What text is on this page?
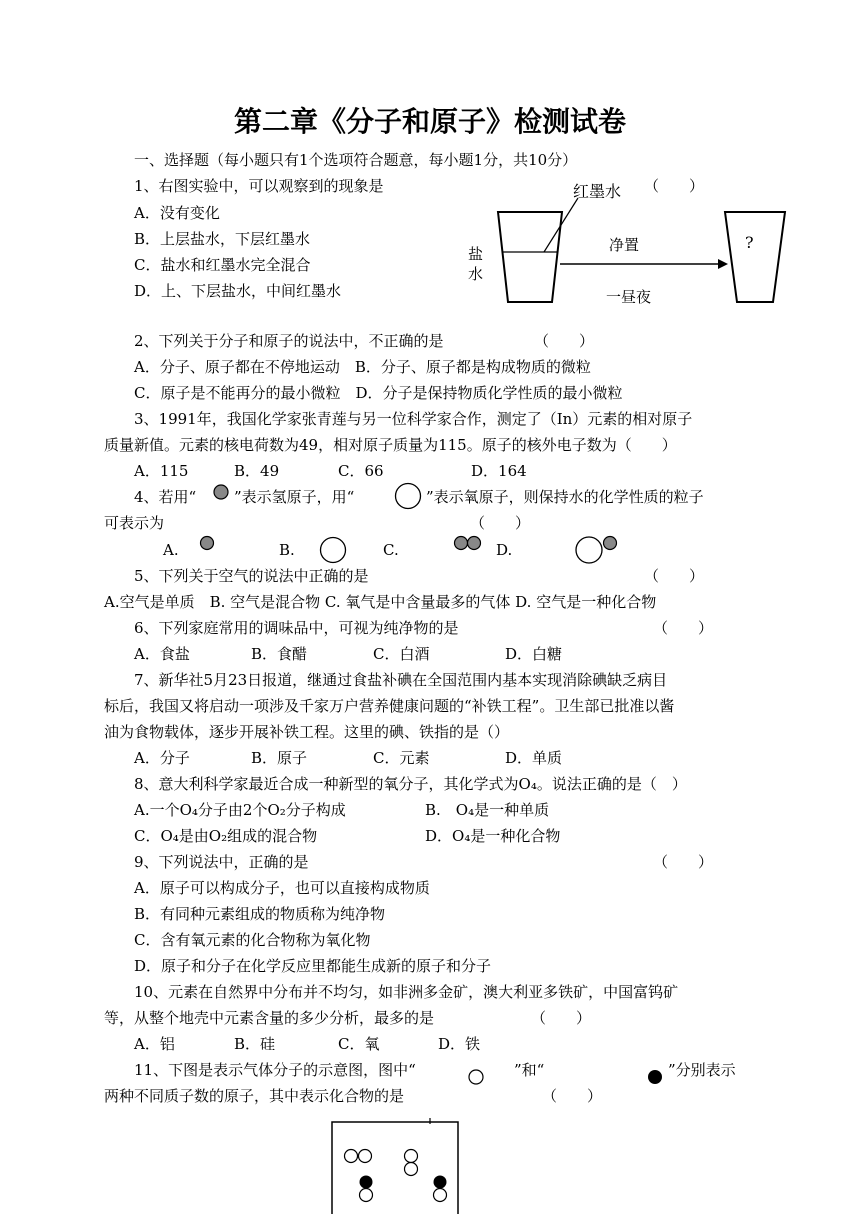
第二章《分子和原子》检测试卷
一、选择题（每小题只有1个选项符合题意，每小题1分，共10分）
1、右图实验中，可以观察到的现象是	（　　）
A．没有变化
B．上层盐水，下层红墨水
C．盐水和红墨水完全混合
D．上、下层盐水，中间红墨水
红墨水
盐
水
净置
一昼夜
?
2、下列关于分子和原子的说法中，不正确的是	（　　）
A．分子、原子都在不停地运动　B．分子、原子都是构成物质的微粒
C．原子是不能再分的最小微粒　D．分子是保持物质化学性质的最小微粒
3、1991年，我国化学家张青莲与另一位科学家合作，测定了（In）元素的相对原子
质量新值。元素的核电荷数为49，相对原子质量为115。原子的核外电子数为（　　）
A．115	B．49	C．66	D．164
4、若用“	”表示氢原子，用“	”表示氧原子，则保持水的化学性质的粒子
可表示为	（　　）
A.	B.	C.	D.
5、下列关于空气的说法中正确的是	（　　）
A.空气是单质　B. 空气是混合物 C. 氧气是中含量最多的气体 D. 空气是一种化合物
6、下列家庭常用的调味品中，可视为纯净物的是	（　　）
A．食盐	B．食醋	C．白酒	D．白糖
7、新华社5月23日报道，继通过食盐补碘在全国范围内基本实现消除碘缺乏病目
标后，我国又将启动一项涉及千家万户营养健康问题的“补铁工程”。卫生部已批准以酱
油为食物载体，逐步开展补铁工程。这里的碘、铁指的是（）
A．分子	B．原子	C．元素	D．单质
8、意大利科学家最近合成一种新型的氧分子，其化学式为O₄。说法正确的是（　）
A.一个O₄分子由2个O₂分子构成	B.　O₄是一种单质
C．O₄是由O₂组成的混合物	D．O₄是一种化合物
9、下列说法中，正确的是	（　　）
A．原子可以构成分子，也可以直接构成物质
B．有同种元素组成的物质称为纯净物
C．含有氧元素的化合物称为氧化物
D．原子和分子在化学反应里都能生成新的原子和分子
10、元素在自然界中分布并不均匀，如非洲多金矿，澳大利亚多铁矿，中国富钨矿
等，从整个地壳中元素含量的多少分析，最多的是	（　　）
A．铝	B．硅	C．氧	D．铁
11、下图是表示气体分子的示意图，图中“	”和“	”分别表示
两种不同质子数的原子，其中表示化合物的是	（　　）
